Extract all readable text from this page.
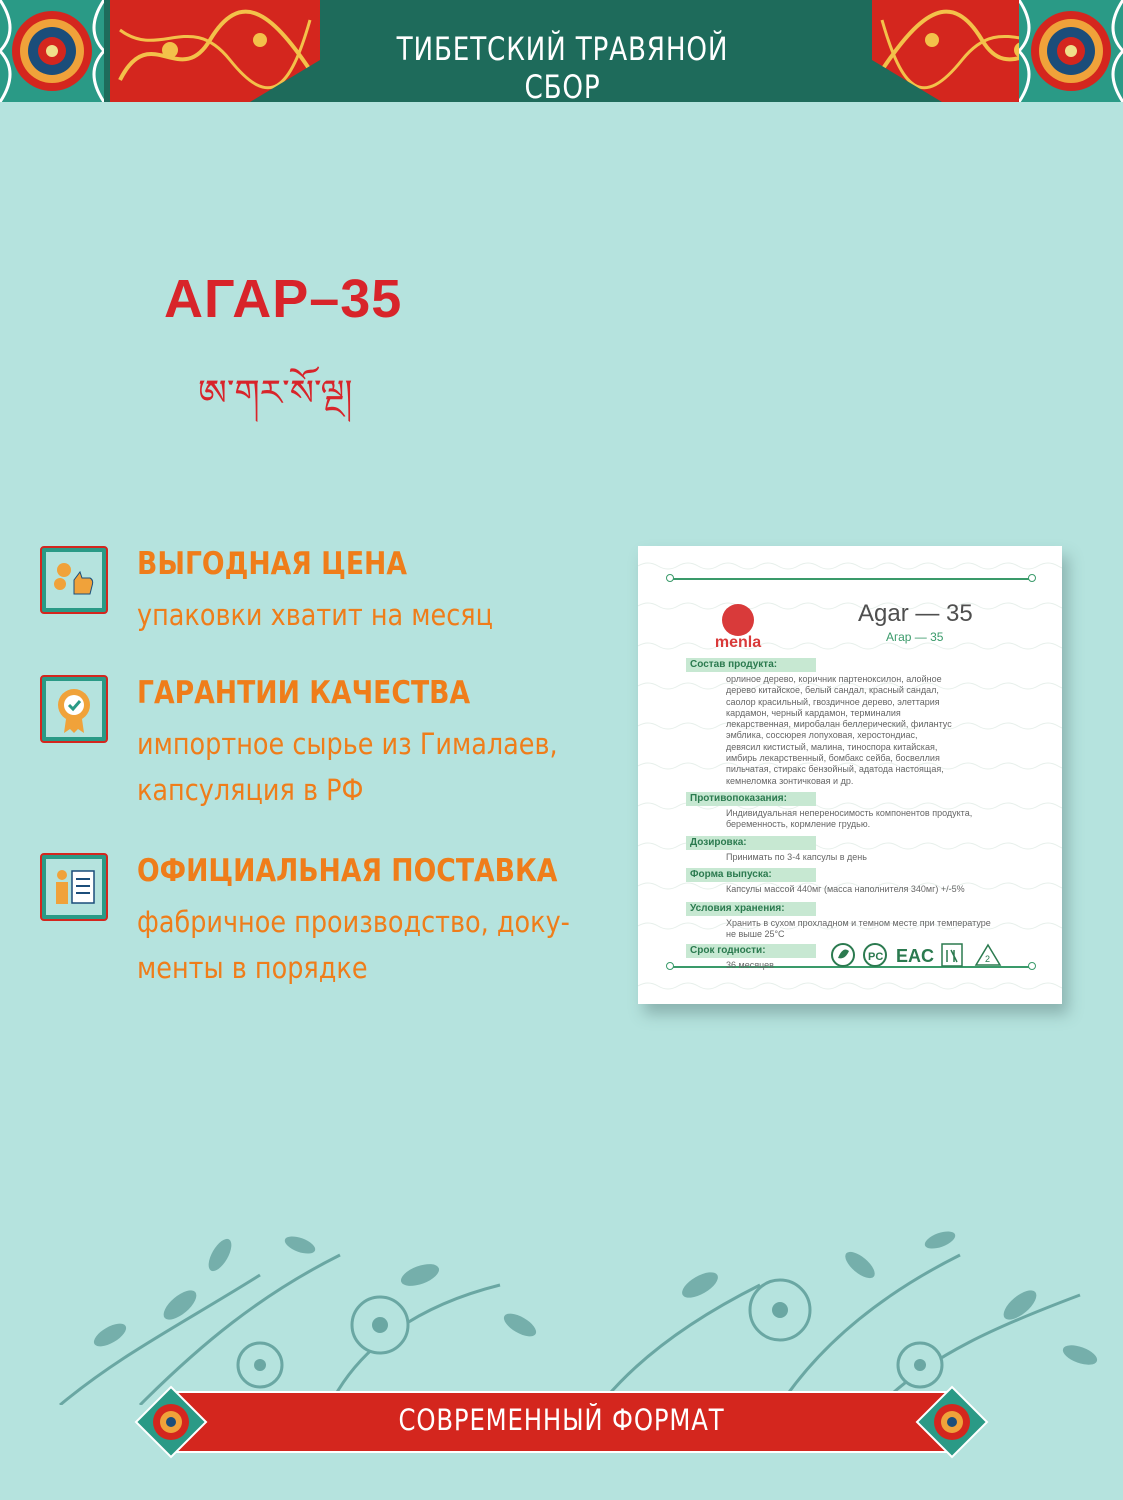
ТИБЕТСКИЙ ТРАВЯНОЙ СБОР
АГАР–35
ཨ་གར་སོ་ལྔ།
ВЫГОДНАЯ ЦЕНА
упаковки хватит на месяц
ГАРАНТИИ КАЧЕСТВА
импортное сырье из Гималаев,
капсуляция в РФ
ОФИЦИАЛЬНАЯ ПОСТАВКА
фабричное производство, доку-
менты в порядке
menla
Agar — 35
Агар — 35
Состав продукта:
орлиное дерево, коричник партеноксилон, алойное
дерево китайское, белый сандал, красный сандал,
саолор красильный, гвоздичное дерево, элеттария
кардамон, черный кардамон, терминалия
лекарственная, миробалан беллерический, филантус
эмблика, соссюрея лопуховая, херостондиас,
девясил кистистый, малина, тиноспора китайская,
имбирь лекарственный, бомбакс сейба, босвеллия
пильчатая, стиракс бензойный, адатода настоящая,
кемнеломка зонтичковая и др.
Противопоказания:
Индивидуальная непереносимость компонентов продукта,
беременность, кормление грудью.
Дозировка:
Принимать по 3-4 капсулы в день
Форма выпуска:
Капсулы массой 440мг (масса наполнителя 340мг) +/-5%
Условия хранения:
Хранить в сухом прохладном и темном месте при температуре
не выше 25°С
Срок годности:
36 месяцев
PC EAC	2
СОВРЕМЕННЫЙ ФОРМАТ
